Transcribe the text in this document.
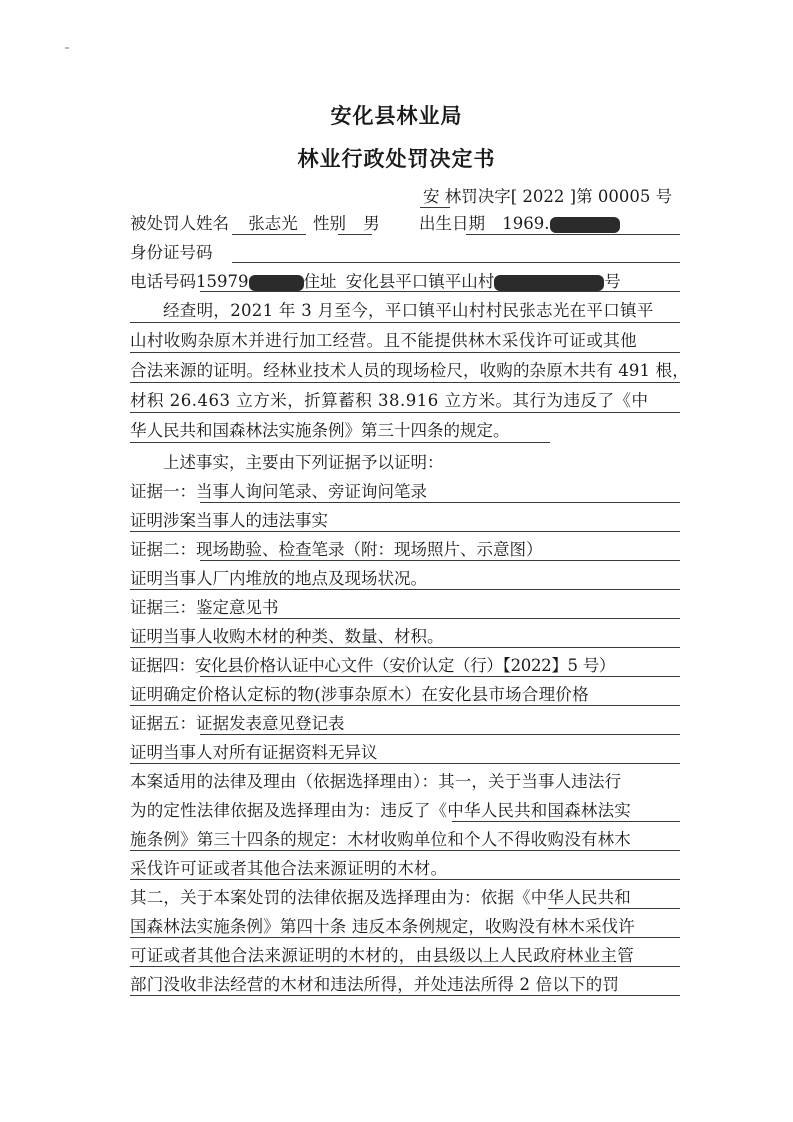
安化县林业局
林业行政处罚决定书
安 林罚决字[ 2022 ]第 00005 号
被处罚人姓名 张志光 性别 男 出生日期 1969.
身份证号码
电话号码15979	住址 安化县平口镇平山村	号
经查明，2021 年 3 月至今，平口镇平山村村民张志光在平口镇平
山村收购杂原木并进行加工经营。且不能提供林木采伐许可证或其他
合法来源的证明。经林业技术人员的现场检尺，收购的杂原木共有 491 根，
材积 26.463 立方米，折算蓄积 38.916 立方米。其行为违反了《中
华人民共和国森林法实施条例》第三十四条的规定。
上述事实，主要由下列证据予以证明：
证据一：当事人询问笔录、旁证询问笔录
证明涉案当事人的违法事实
证据二：现场勘验、检查笔录（附：现场照片、示意图）
证明当事人厂内堆放的地点及现场状况。
证据三：鉴定意见书
证明当事人收购木材的种类、数量、材积。
证据四：安化县价格认证中心文件（安价认定（行）【2022】5 号）
证明确定价格认定标的物(涉事杂原木）在安化县市场合理价格
证据五：证据发表意见登记表
证明当事人对所有证据资料无异议
本案适用的法律及理由（依据选择理由）：其一，关于当事人违法行
为的定性法律依据及选择理由为：违反了《中华人民共和国森林法实
施条例》第三十四条的规定：木材收购单位和个人不得收购没有林木
采伐许可证或者其他合法来源证明的木材。
其二，关于本案处罚的法律依据及选择理由为：依据《中华人民共和
国森林法实施条例》第四十条 违反本条例规定，收购没有林木采伐许
可证或者其他合法来源证明的木材的，由县级以上人民政府林业主管
部门没收非法经营的木材和违法所得，并处违法所得 2 倍以下的罚
